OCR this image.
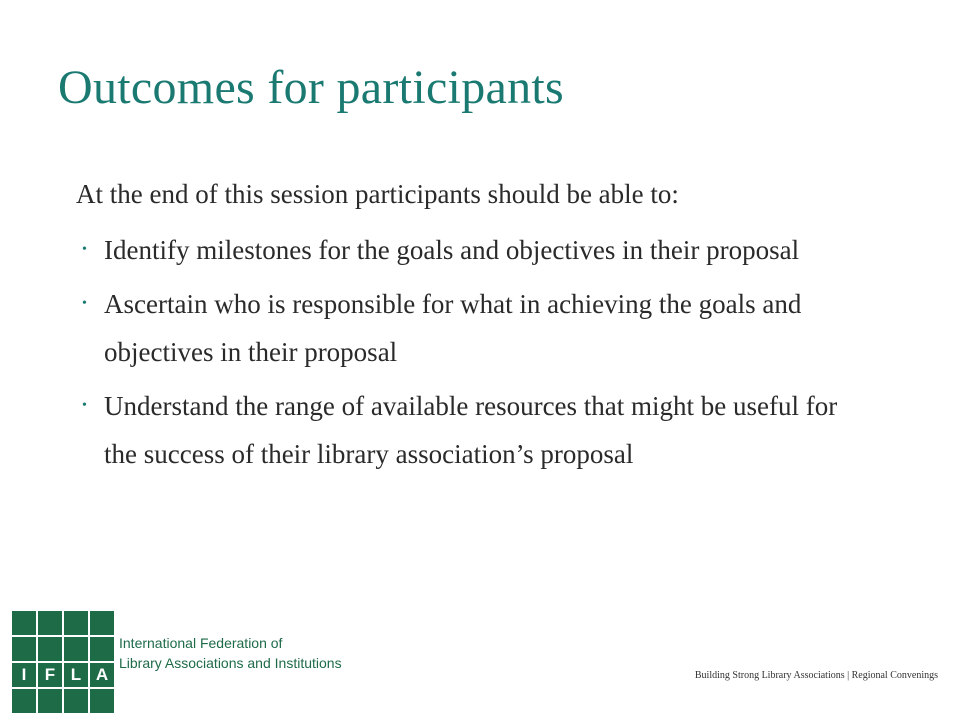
Outcomes for participants

At the end of this session participants should be able to:

• Identify milestones for the goals and objectives in their proposal
• Ascertain who is responsible for what in achieving the goals and objectives in their proposal
• Understand the range of available resources that might be useful for the success of their library association’s proposal
I	F L A
International Federation of
Library Associations and Institutions
Building Strong Library Associations | Regional Convenings
